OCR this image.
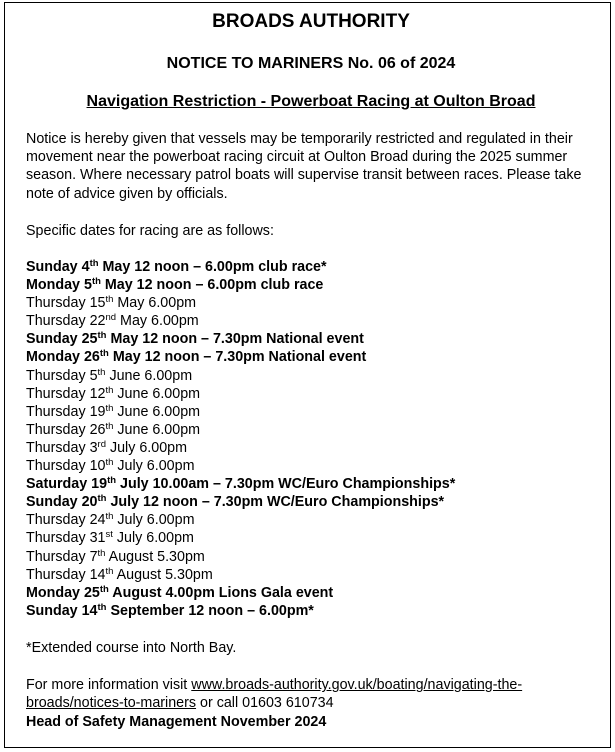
BROADS AUTHORITY
NOTICE TO MARINERS No. 06 of 2024
Navigation Restriction - Powerboat Racing at Oulton Broad

Notice is hereby given that vessels may be temporarily restricted and regulated in their movement near the powerboat racing circuit at Oulton Broad during the 2025 summer season. Where necessary patrol boats will supervise transit between races. Please take note of advice given by officials.

Specific dates for racing are as follows:

Sunday 4th May 12 noon – 6.00pm club race*
Monday 5th May 12 noon – 6.00pm club race
Thursday 15th May 6.00pm
Thursday 22nd May 6.00pm
Sunday 25th May 12 noon – 7.30pm National event
Monday 26th May 12 noon – 7.30pm National event
Thursday 5th June 6.00pm
Thursday 12th June 6.00pm
Thursday 19th June 6.00pm
Thursday 26th June 6.00pm
Thursday 3rd July 6.00pm
Thursday 10th July 6.00pm
Saturday 19th July 10.00am – 7.30pm WC/Euro Championships*
Sunday 20th July 12 noon – 7.30pm WC/Euro Championships*
Thursday 24th July 6.00pm
Thursday 31st July 6.00pm
Thursday 7th August 5.30pm
Thursday 14th August 5.30pm
Monday 25th August 4.00pm Lions Gala event
Sunday 14th September 12 noon – 6.00pm*

*Extended course into North Bay.

For more information visit www.broads-authority.gov.uk/boating/navigating-the-broads/notices-to-mariners or call 01603 610734

Head of Safety Management November 2024
